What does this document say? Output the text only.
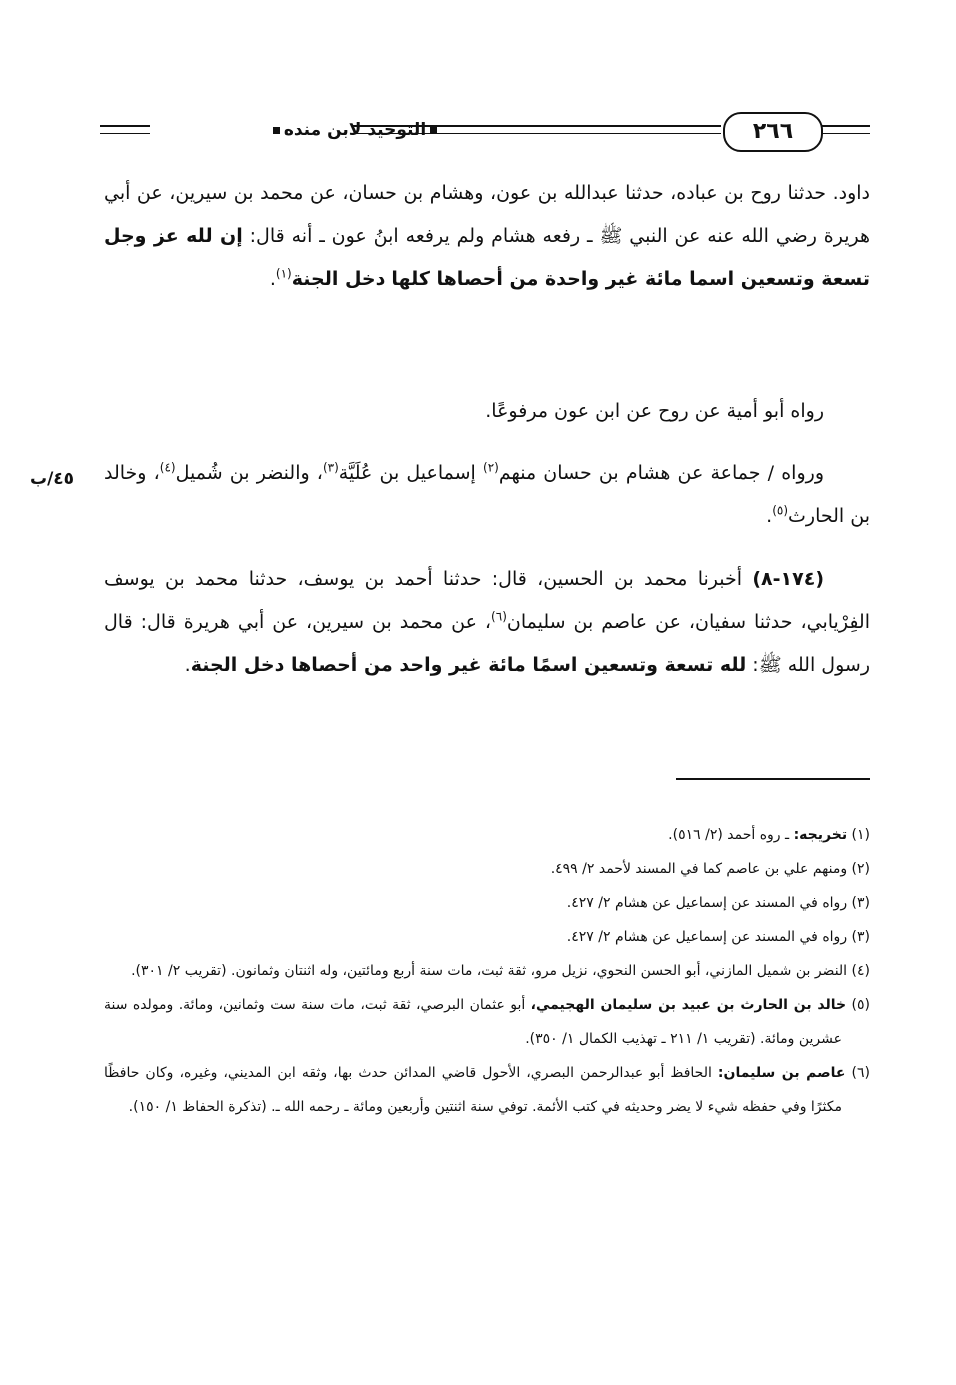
التوحيد لابن منده	٢٦٦

داود. حدثنا روح بن عباده، حدثنا عبدالله بن عون، وهشام بن حسان، عن محمد بن سيرين، عن أبي هريرة رضي الله عنه عن النبي ﷺ ـ رفعه هشام ولم يرفعه ابنُ عون ـ أنه قال: إن لله عز وجل تسعة وتسعين اسما مائة غير واحدة من أحصاها كلها دخل الجنة$^{(١)}$.

رواه أبو أمية عن روح عن ابن عون مرفوعًا.

٤٥/ب	ورواه / جماعة عن هشام بن حسان منهم$^{(٢)}$ إسماعيل بن عُلَيَّة$^{(٣)}$، والنضر بن شُميل$^{(٤)}$، وخالد بن الحارث$^{(٥)}$.

(١٧٤-٨) أخبرنا محمد بن الحسين، قال: حدثنا أحمد بن يوسف، حدثنا محمد بن يوسف الفِرْيابي، حدثنا سفيان، عن عاصم بن سليمان$^{(٦)}$، عن محمد بن سيرين، عن أبي هريرة قال: قال رسول الله ﷺ: لله تسعة وتسعين اسمًا مائة غير واحد من أحصاها دخل الجنة.

(١) تخريجه: ـ روه أحمد (٢/ ٥١٦).

(٢) ومنهم علي بن عاصم كما في المسند لأحمد ٢/ ٤٩٩.

(٣) رواه في المسند عن إسماعيل عن هشام ٢/ ٤٢٧.

(٣) رواه في المسند عن إسماعيل عن هشام ٢/ ٤٢٧.

(٤) النضر بن شميل المازني، أبو الحسن النحوي، نزيل مرو، ثقة ثبت، مات سنة أربع ومائتين، وله اثنتان وثمانون. (تقريب ٢/ ٣٠١).

(٥) خالد بن الحارث بن عبيد بن سليمان الهجيمي، أبو عثمان البرصي، ثقة ثبت، مات سنة ست وثمانين، ومائة. ومولده سنة عشرين ومائة. (تقريب ١/ ٢١١ ـ تهذيب الكمال ١/ ٣٥٠).

(٦) عاصم بن سليمان: الحافظ أبو عبدالرحمن البصري، الأحول قاضي المدائن حدث بها، وثقه ابن المديني، وغيره، وكان حافظًا مكثرًا وفي حفظه شيء لا يضر وحديثه في كتب الأئمة. توفي سنة اثنتين وأربعين ومائة ـ رحمه الله ـ. (تذكرة الحفاظ ١/ ١٥٠).
